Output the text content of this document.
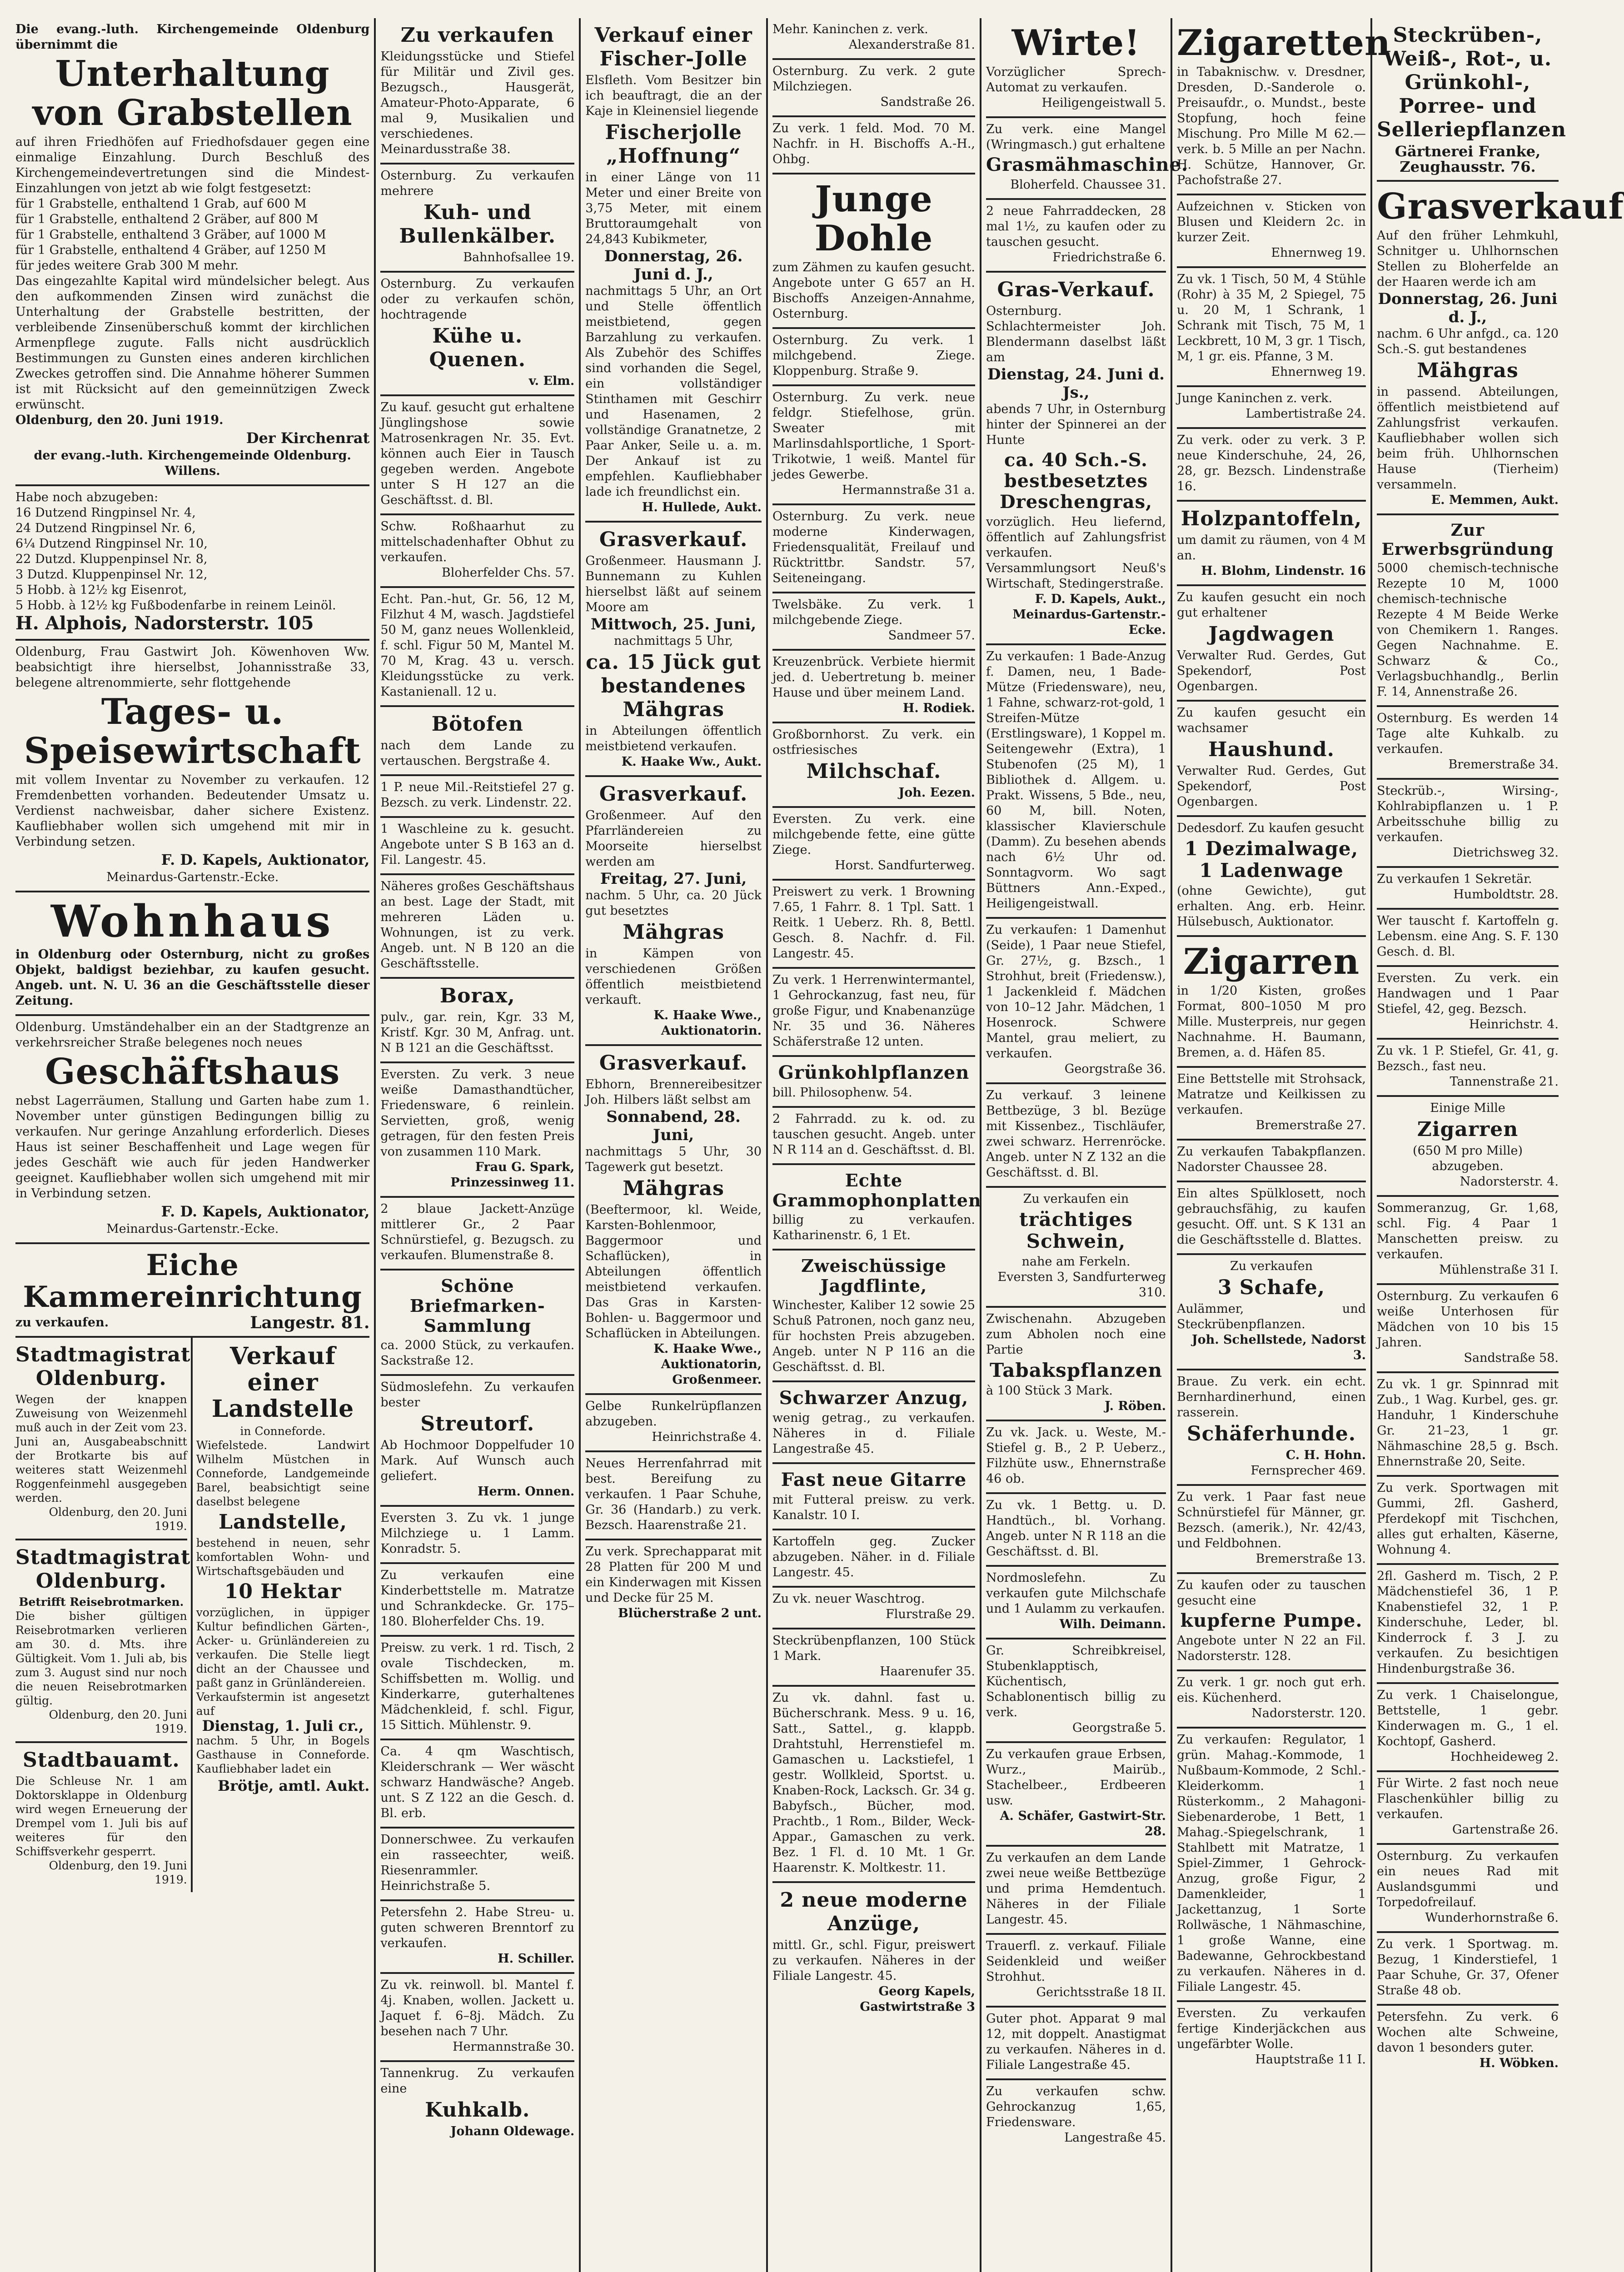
Die evang.-luth. Kirchengemeinde Oldenburg übernimmt die

Unterhaltung von Grabstellen

auf ihren Friedhöfen auf Friedhofsdauer gegen eine einmalige Einzahlung. Durch Beschluß des Kirchengemeindevertretungen sind die Mindest-Einzahlungen von jetzt ab wie folgt festgesetzt:

für 1 Grabstelle, enthaltend 1 Grab, auf 600 M

für 1 Grabstelle, enthaltend 2 Gräber, auf 800 M

für 1 Grabstelle, enthaltend 3 Gräber, auf 1000 M

für 1 Grabstelle, enthaltend 4 Gräber, auf 1250 M

für jedes weitere Grab 300 M mehr.

Das eingezahlte Kapital wird mündelsicher belegt. Aus den aufkommenden Zinsen wird zunächst die Unterhaltung der Grabstelle bestritten, der verbleibende Zinsenüberschuß kommt der kirchlichen Armenpflege zugute. Falls nicht ausdrücklich Bestimmungen zu Gunsten eines anderen kirchlichen Zweckes getroffen sind. Die Annahme höherer Summen ist mit Rücksicht auf den gemeinnützigen Zweck erwünscht.

Oldenburg, den 20. Juni 1919.

Der Kirchenrat

der evang.-luth. Kirchengemeinde Oldenburg.

Willens.

Habe noch abzugeben:

16 Dutzend Ringpinsel Nr. 4,

24 Dutzend Ringpinsel Nr. 6,

6¼ Dutzend Ringpinsel Nr. 10,

22 Dutzd. Kluppenpinsel Nr. 8,

3 Dutzd. Kluppenpinsel Nr. 12,

5 Hobb. à 12½ kg Eisenrot,

5 Hobb. à 12½ kg Fußbodenfarbe in reinem Leinöl.

H. Alphois, Nadorsterstr. 105

Oldenburg, Frau Gastwirt Joh. Köwenhoven Ww. beabsichtigt ihre hierselbst, Johannisstraße 33, belegene altrenommierte, sehr flottgehende

Tages- u. Speisewirtschaft

mit vollem Inventar zu November zu verkaufen. 12 Fremdenbetten vorhanden. Bedeutender Umsatz u. Verdienst nachweisbar, daher sichere Existenz. Kaufliebhaber wollen sich umgehend mit mir in Verbindung setzen.

F. D. Kapels, Auktionator,

Meinardus-Gartenstr.-Ecke.

Wohnhaus

in Oldenburg oder Osternburg, nicht zu großes Objekt, baldigst beziehbar, zu kaufen gesucht. Angeb. unt. N. U. 36 an die Geschäftsstelle dieser Zeitung.

Oldenburg. Umständehalber ein an der Stadtgrenze an verkehrsreicher Straße belegenes noch neues

Geschäftshaus

nebst Lagerräumen, Stallung und Garten habe zum 1. November unter günstigen Bedingungen billig zu verkaufen. Nur geringe Anzahlung erforderlich. Dieses Haus ist seiner Beschaffenheit und Lage wegen für jedes Geschäft wie auch für jeden Handwerker geeignet. Kaufliebhaber wollen sich umgehend mit mir in Verbindung setzen.

F. D. Kapels, Auktionator,

Meinardus-Gartenstr.-Ecke.

Eiche Kammereinrichtung
zu verkaufen.	Langestr. 81.
Stadtmagistrat Oldenburg.

Wegen der knappen Zuweisung von Weizenmehl muß auch in der Zeit vom 23. Juni an, Ausgabeabschnitt der Brotkarte bis auf weiteres statt Weizenmehl Roggenfeinmehl ausgegeben werden.

Oldenburg, den 20. Juni 1919.

Stadtmagistrat Oldenburg.

Betrifft Reisebrotmarken.

Die bisher gültigen Reisebrotmarken verlieren am 30. d. Mts. ihre Gültigkeit. Vom 1. Juli ab, bis zum 3. August sind nur noch die neuen Reisebrotmarken gültig.

Oldenburg, den 20. Juni 1919.

Stadtbauamt.

Die Schleuse Nr. 1 am Doktorsklappe in Oldenburg wird wegen Erneuerung der Drempel vom 1. Juli bis auf weiteres für den Schiffsverkehr gesperrt.

Oldenburg, den 19. Juni 1919.

Verkauf einer Landstelle

in Conneforde.

Wiefelstede. Landwirt Wilhelm Müstchen in Conneforde, Landgemeinde Barel, beabsichtigt seine daselbst belegene

Landstelle,

bestehend in neuen, sehr komfortablen Wohn- und Wirtschaftsgebäuden und

10 Hektar

vorzüglichen, in üppiger Kultur befindlichen Gärten-, Acker- u. Grünländereien zu verkaufen. Die Stelle liegt dicht an der Chaussee und paßt ganz in Grünländereien.

Verkaufstermin ist angesetzt auf

Dienstag, 1. Juli cr.,

nachm. 5 Uhr, in Bogels Gasthause in Conneforde. Kaufliebhaber ladet ein

Brötje, amtl. Aukt.
Zu verkaufen

Kleidungsstücke und Stiefel für Militär und Zivil ges. Bezugsch., Hausgerät, Amateur-Photo-Apparate, 6 mal 9, Musikalien und verschiedenes. Meinardusstraße 38.

Osternburg. Zu verkaufen mehrere

Kuh- und Bullenkälber.

Bahnhofsallee 19.

Osternburg. Zu verkaufen oder zu verkaufen schön, hochtragende

Kühe u. Quenen.

v. Elm.

Zu kauf. gesucht gut erhaltene Jünglingshose sowie Matrosenkragen Nr. 35. Evt. können auch Eier in Tausch gegeben werden. Angebote unter S H 127 an die Geschäftsst. d. Bl.

Schw. Roßhaarhut zu mittelschadenhafter Obhut zu verkaufen.

Bloherfelder Chs. 57.

Echt. Pan.-hut, Gr. 56, 12 M, Filzhut 4 M, wasch. Jagdstiefel 50 M, ganz neues Wollenkleid, f. schl. Figur 50 M, Mantel M. 70 M, Krag. 43 u. versch. Kleidungsstücke zu verk. Kastanienall. 12 u.

Bötofen

nach dem Lande zu vertauschen. Bergstraße 4.

1 P. neue Mil.-Reitstiefel 27 g. Bezsch. zu verk. Lindenstr. 22.

1 Waschleine zu k. gesucht. Angebote unter S B 163 an d. Fil. Langestr. 45.

Näheres großes Geschäftshaus an best. Lage der Stadt, mit mehreren Läden u. Wohnungen, ist zu verk. Angeb. unt. N B 120 an die Geschäftsstelle.

Borax,

pulv., gar. rein, Kgr. 33 M, Kristf. Kgr. 30 M, Anfrag. unt. N B 121 an die Geschäftsst.

Eversten. Zu verk. 3 neue weiße Damasthandtücher, Friedensware, 6 reinlein. Servietten, groß, wenig getragen, für den festen Preis von zusammen 110 Mark.

Frau G. Spark, Prinzessinweg 11.

2 blaue Jackett-Anzüge mittlerer Gr., 2 Paar Schnürstiefel, g. Bezugsch. zu verkaufen. Blumenstraße 8.

Schöne Briefmarken-Sammlung

ca. 2000 Stück, zu verkaufen. Sackstraße 12.

Südmoslefehn. Zu verkaufen bester

Streutorf.

Ab Hochmoor Doppelfuder 10 Mark. Auf Wunsch auch geliefert.

Herm. Onnen.

Eversten 3. Zu vk. 1 junge Milchziege u. 1 Lamm. Konradstr. 5.

Zu verkaufen eine Kinderbettstelle m. Matratze und Schrankdecke. Gr. 175–180. Bloherfelder Chs. 19.

Preisw. zu verk. 1 rd. Tisch, 2 ovale Tischdecken, m. Schiffsbetten m. Wollig. und Kinderkarre, guterhaltenes Mädchenkleid, f. schl. Figur, 15 Sittich. Mühlenstr. 9.

Ca. 4 qm Waschtisch, Kleiderschrank — Wer wäscht schwarz Handwäsche? Angeb. unt. S Z 122 an die Gesch. d. Bl. erb.

Donnerschwee. Zu verkaufen ein rasseechter, weiß. Riesenrammler. Heinrichstraße 5.

Petersfehn 2. Habe Streu- u. guten schweren Brenntorf zu verkaufen.

H. Schiller.

Zu vk. reinwoll. bl. Mantel f. 4j. Knaben, wollen. Jackett u. Jaquet f. 6–8j. Mädch. Zu besehen nach 7 Uhr.

Hermannstraße 30.

Tannenkrug. Zu verkaufen eine

Kuhkalb.

Johann Oldewage.

Verkauf einer Fischer-Jolle

Elsfleth. Vom Besitzer bin ich beauftragt, die an der Kaje in Kleinensiel liegende

Fischerjolle „Hoffnung“

in einer Länge von 11 Meter und einer Breite von 3,75 Meter, mit einem Bruttoraumgehalt von 24,843 Kubikmeter,

Donnerstag, 26. Juni d. J.,

nachmittags 5 Uhr, an Ort und Stelle öffentlich meistbietend, gegen Barzahlung zu verkaufen. Als Zubehör des Schiffes sind vorhanden die Segel, ein vollständiger Stinthamen mit Geschirr und Hasenamen, 2 vollständige Granatnetze, 2 Paar Anker, Seile u. a. m. Der Ankauf ist zu empfehlen. Kaufliebhaber lade ich freundlichst ein.

H. Hullede, Aukt.

Grasverkauf.

Großenmeer. Hausmann J. Bunnemann zu Kuhlen hierselbst läßt auf seinem Moore am

Mittwoch, 25. Juni,

nachmittags 5 Uhr,

ca. 15 Jück gut bestandenes Mähgras

in Abteilungen öffentlich meistbietend verkaufen.

K. Haake Ww., Aukt.

Grasverkauf.

Großenmeer. Auf den Pfarrländereien zu Moorseite hierselbst werden am

Freitag, 27. Juni,

nachm. 5 Uhr, ca. 20 Jück gut besetztes

Mähgras

in Kämpen von verschiedenen Größen öffentlich meistbietend verkauft.

K. Haake Wwe., Auktionatorin.

Grasverkauf.

Ebhorn, Brennereibesitzer Joh. Hilbers läßt selbst am

Sonnabend, 28. Juni,

nachmittags 5 Uhr, 30 Tagewerk gut besetzt.

Mähgras

(Beeftermoor, kl. Weide, Karsten-Bohlenmoor, Baggermoor und Schaflücken), in Abteilungen öffentlich meistbietend verkaufen. Das Gras in Karsten-Bohlen- u. Baggermoor und Schaflücken in Abteilungen.

K. Haake Wwe., Auktionatorin, Großenmeer.

Gelbe Runkelrüpflanzen abzugeben.

Heinrichstraße 4.

Neues Herrenfahrrad mit best. Bereifung zu verkaufen. 1 Paar Schuhe, Gr. 36 (Handarb.) zu verk. Bezsch. Haarenstraße 21.

Zu verk. Sprechapparat mit 28 Platten für 200 M und ein Kinderwagen mit Kissen und Decke für 25 M.

Blücherstraße 2 unt.

Mehr. Kaninchen z. verk.

Alexanderstraße 81.

Osternburg. Zu verk. 2 gute Milchziegen.

Sandstraße 26.

Zu verk. 1 feld. Mod. 70 M. Nachfr. in H. Bischoffs A.-H., Ohbg.

Junge Dohle

zum Zähmen zu kaufen gesucht. Angebote unter G 657 an H. Bischoffs Anzeigen-Annahme, Osternburg.

Osternburg. Zu verk. 1 milchgebend. Ziege. Kloppenburg. Straße 9.

Osternburg. Zu verk. neue feldgr. Stiefelhose, grün. Sweater mit Marlinsdahlsportliche, 1 Sport-Trikotwie, 1 weiß. Mantel für jedes Gewerbe.

Hermannstraße 31 a.

Osternburg. Zu verk. neue moderne Kinderwagen, Friedensqualität, Freilauf und Rücktrittbr. Sandstr. 57, Seiteneingang.

Twelsbäke. Zu verk. 1 milchgebende Ziege.

Sandmeer 57.

Kreuzenbrück. Verbiete hiermit jed. d. Uebertretung b. meiner Hause und über meinem Land.

H. Rodiek.

Großbornhorst. Zu verk. ein ostfriesisches

Milchschaf.

Joh. Eezen.

Eversten. Zu verk. eine milchgebende fette, eine gütte Ziege.

Horst. Sandfurterweg.

Preiswert zu verk. 1 Browning 7.65, 1 Fahrr. 8. 1 Tpl. Satt. 1 Reitk. 1 Ueberz. Rh. 8, Bettl. Gesch. 8. Nachfr. d. Fil. Langestr. 45.

Zu verk. 1 Herrenwintermantel, 1 Gehrockanzug, fast neu, für große Figur, und Knabenanzüge Nr. 35 und 36. Näheres Schäferstraße 12 unten.

Grünkohlpflanzen

bill. Philosophenw. 54.

2 Fahrradd. zu k. od. zu tauschen gesucht. Angeb. unter N R 114 an d. Geschäftsst. d. Bl.

Echte Grammophonplatten

billig zu verkaufen. Katharinenstr. 6, 1 Et.

Zweischüssige Jagdflinte,

Winchester, Kaliber 12 sowie 25 Schuß Patronen, noch ganz neu, für hochsten Preis abzugeben. Angeb. unter N P 116 an die Geschäftsst. d. Bl.

Schwarzer Anzug,

wenig getrag., zu verkaufen. Näheres in d. Filiale Langestraße 45.

Fast neue Gitarre

mit Futteral preisw. zu verk. Kanalstr. 10 I.

Kartoffeln geg. Zucker abzugeben. Näher. in d. Filiale Langestr. 45.

Zu vk. neuer Waschtrog.

Flurstraße 29.

Steckrübenpflanzen, 100 Stück 1 Mark.

Haarenufer 35.

Zu vk. dahnl. fast u. Bücherschrank. Mess. 9 u. 16, Satt., Sattel., g. klappb. Drahtstuhl, Herrenstiefel m. Gamaschen u. Lackstiefel, 1 gestr. Wollkleid, Sportst. u. Knaben-Rock, Lacksch. Gr. 34 g. Babyfsch., Bücher, mod. Prachtb., 1 Rom., Bilder, Weck-Appar., Gamaschen zu verk. Bez. 1 Fl. d. 10 Mt. 1 Gr. Haarenstr. K. Moltkestr. 11.

2 neue moderne Anzüge,

mittl. Gr., schl. Figur, preiswert zu verkaufen. Näheres in der Filiale Langestr. 45.

Georg Kapels, Gastwirtstraße 3

Wirte!

Vorzüglicher Sprech-Automat zu verkaufen.

Heiligengeistwall 5.

Zu verk. eine Mangel (Wringmasch.) gut erhaltene

Grasmähmaschine.

Bloherfeld. Chaussee 31.

2 neue Fahrraddecken, 28 mal 1½, zu kaufen oder zu tauschen gesucht.

Friedrichstraße 6.

Gras-Verkauf.

Osternburg. Schlachtermeister Joh. Blendermann daselbst läßt am

Dienstag, 24. Juni d. Js.,

abends 7 Uhr, in Osternburg hinter der Spinnerei an der Hunte

ca. 40 Sch.-S. bestbesetztes Dreschengras,

vorzüglich. Heu liefernd, öffentlich auf Zahlungsfrist verkaufen. Versammlungsort Neuß's Wirtschaft, Stedingerstraße.

F. D. Kapels, Aukt., Meinardus-Gartenstr.-Ecke.

Zu verkaufen: 1 Bade-Anzug f. Damen, neu, 1 Bade-Mütze (Friedensware), neu, 1 Fahne, schwarz-rot-gold, 1 Streifen-Mütze (Erstlingsware), 1 Koppel m. Seitengewehr (Extra), 1 Stubenofen (25 M), 1 Bibliothek d. Allgem. u. Prakt. Wissens, 5 Bde., neu, 60 M, bill. Noten, klassischer Klavierschule (Damm). Zu besehen abends nach 6½ Uhr od. Sonntagvorm. Wo sagt Büttners Ann.-Exped., Heiligengeistwall.

Zu verkaufen: 1 Damenhut (Seide), 1 Paar neue Stiefel, Gr. 27½, g. Bzsch., 1 Strohhut, breit (Friedensw.), 1 Jackenkleid f. Mädchen von 10–12 Jahr. Mädchen, 1 Hosenrock. Schwere Mantel, grau meliert, zu verkaufen.

Georgstraße 36.

Zu verkauf. 3 leinene Bettbezüge, 3 bl. Bezüge mit Kissenbez., Tischläufer, zwei schwarz. Herrenröcke. Angeb. unter N Z 132 an die Geschäftsst. d. Bl.

Zu verkaufen ein

trächtiges Schwein,

nahe am Ferkeln.

Eversten 3, Sandfurterweg 310.

Zwischenahn. Abzugeben zum Abholen noch eine Partie

Tabakspflanzen

à 100 Stück 3 Mark.

J. Röben.

Zu vk. Jack. u. Weste, M.-Stiefel g. B., 2 P. Ueberz., Filzhüte usw., Ehnernstraße 46 ob.

Zu vk. 1 Bettg. u. D. Handtüch., bl. Vorhang. Angeb. unter N R 118 an die Geschäftsst. d. Bl.

Nordmoslefehn. Zu verkaufen gute Milchschafe und 1 Aulamm zu verkaufen.

Wilh. Deimann.

Gr. Schreibkreisel, Stubenklapptisch, Küchentisch, Schablonentisch billig zu verk.

Georgstraße 5.

Zu verkaufen graue Erbsen, Wurz., Mairüb., Stachelbeer., Erdbeeren usw.

A. Schäfer, Gastwirt-Str. 28.

Zu verkaufen an dem Lande zwei neue weiße Bettbezüge und prima Hemdentuch. Näheres in der Filiale Langestr. 45.

Trauerfl. z. verkauf. Filiale Seidenkleid und weißer Strohhut.

Gerichtsstraße 18 II.

Guter phot. Apparat 9 mal 12, mit doppelt. Anastigmat zu verkaufen. Näheres in d. Filiale Langestraße 45.

Zu verkaufen schw. Gehrockanzug 1,65, Friedensware.

Langestraße 45.

Zigaretten

in Tabaknischw. v. Dresdner, Dresden, D.-Sanderole o. Preisaufdr., o. Mundst., beste Stopfung, hoch feine Mischung. Pro Mille M 62.— verk. b. 5 Mille an per Nachn. H. Schütze, Hannover, Gr. Pachofstraße 27.

Aufzeichnen v. Sticken von Blusen und Kleidern 2c. in kurzer Zeit.

Ehnernweg 19.

Zu vk. 1 Tisch, 50 M, 4 Stühle (Rohr) à 35 M, 2 Spiegel, 75 u. 20 M, 1 Schrank, 1 Schrank mit Tisch, 75 M, 1 Leckbrett, 10 M, 3 gr. 1 Tisch, M, 1 gr. eis. Pfanne, 3 M.

Ehnernweg 19.

Junge Kaninchen z. verk.

Lambertistraße 24.

Zu verk. oder zu verk. 3 P. neue Kinderschuhe, 24, 26, 28, gr. Bezsch. Lindenstraße 16.

Holzpantoffeln,

um damit zu räumen, von 4 M an.

H. Blohm, Lindenstr. 16

Zu kaufen gesucht ein noch gut erhaltener

Jagdwagen

Verwalter Rud. Gerdes, Gut Spekendorf, Post Ogenbargen.

Zu kaufen gesucht ein wachsamer

Haushund.

Verwalter Rud. Gerdes, Gut Spekendorf, Post Ogenbargen.

Dedesdorf. Zu kaufen gesucht

1 Dezimalwage, 1 Ladenwage

(ohne Gewichte), gut erhalten. Ang. erb. Heinr. Hülsebusch, Auktionator.

Zigarren

in 1/20 Kisten, großes Format, 800–1050 M pro Mille. Musterpreis, nur gegen Nachnahme. H. Baumann, Bremen, a. d. Häfen 85.

Eine Bettstelle mit Strohsack, Matratze und Keilkissen zu verkaufen.

Bremerstraße 27.

Zu verkaufen Tabakpflanzen. Nadorster Chaussee 28.

Ein altes Spülklosett, noch gebrauchsfähig, zu kaufen gesucht. Off. unt. S K 131 an die Geschäftsstelle d. Blattes.

Zu verkaufen

3 Schafe,

Aulämmer, und Steckrübenpflanzen.

Joh. Schellstede, Nadorst 3.

Braue. Zu verk. ein echt. Bernhardinerhund, einen rasserein.

Schäferhunde.

C. H. Hohn.

Fernsprecher 469.

Zu verk. 1 Paar fast neue Schnürstiefel für Männer, gr. Bezsch. (amerik.), Nr. 42/43, und Feldbohnen.

Bremerstraße 13.

Zu kaufen oder zu tauschen gesucht eine

kupferne Pumpe.

Angebote unter N 22 an Fil. Nadorsterstr. 128.

Zu verk. 1 gr. noch gut erh. eis. Küchenherd.

Nadorsterstr. 120.

Zu verkaufen: Regulator, 1 grün. Mahag.-Kommode, 1 Nußbaum-Kommode, 2 Schl.-Kleiderkomm. 1 Rüsterkomm., 2 Mahagoni-Siebenarderobe, 1 Bett, 1 Mahag.-Spiegelschrank, 1 Stahlbett mit Matratze, 1 Spiel-Zimmer, 1 Gehrock-Anzug, große Figur, 2 Damenkleider, 1 Jackettanzug, 1 Sorte Rollwäsche, 1 Nähmaschine, 1 große Wanne, eine Badewanne, Gehrockbestand zu verkaufen. Näheres in d. Filiale Langestr. 45.

Eversten. Zu verkaufen fertige Kinderjäckchen aus ungefärbter Wolle.

Hauptstraße 11 I.

Steckrüben-, Weiß-, Rot-, u. Grünkohl-, Porree- und Selleriepflanzen

Gärtnerei Franke, Zeughausstr. 76.

Grasverkauf

Auf den früher Lehmkuhl, Schnitger u. Uhlhornschen Stellen zu Bloherfelde an der Haaren werde ich am

Donnerstag, 26. Juni d. J.,

nachm. 6 Uhr anfgd., ca. 120 Sch.-S. gut bestandenes

Mähgras

in passend. Abteilungen, öffentlich meistbietend auf Zahlungsfrist verkaufen. Kaufliebhaber wollen sich beim früh. Uhlhornschen Hause (Tierheim) versammeln.

E. Memmen, Aukt.

Zur Erwerbsgründung

5000 chemisch-technische Rezepte 10 M, 1000 chemisch-technische Rezepte 4 M Beide Werke von Chemikern 1. Ranges. Gegen Nachnahme. E. Schwarz & Co., Verlagsbuchhandlg., Berlin F. 14, Annenstraße 26.

Osternburg. Es werden 14 Tage alte Kuhkalb. zu verkaufen.

Bremerstraße 34.

Steckrüb.-, Wirsing-, Kohlrabipflanzen u. 1 P. Arbeitsschuhe billig zu verkaufen.

Dietrichsweg 32.

Zu verkaufen 1 Sekretär.

Humboldtstr. 28.

Wer tauscht f. Kartoffeln g. Lebensm. eine Ang. S. F. 130 Gesch. d. Bl.

Eversten. Zu verk. ein Handwagen und 1 Paar Stiefel, 42, geg. Bezsch.

Heinrichstr. 4.

Zu vk. 1 P. Stiefel, Gr. 41, g. Bezsch., fast neu.

Tannenstraße 21.

Einige Mille

Zigarren

(650 M pro Mille) abzugeben.

Nadorsterstr. 4.

Sommeranzug, Gr. 1,68, schl. Fig. 4 Paar 1 Manschetten preisw. zu verkaufen.

Mühlenstraße 31 I.

Osternburg. Zu verkaufen 6 weiße Unterhosen für Mädchen von 10 bis 15 Jahren.

Sandstraße 58.

Zu vk. 1 gr. Spinnrad mit Zub., 1 Wag. Kurbel, ges. gr. Handuhr, 1 Kinderschuhe Gr. 21–23, 1 gr. Nähmaschine 28,5 g. Bsch. Ehnernstraße 20, Seite.

Zu verk. Sportwagen mit Gummi, 2fl. Gasherd, Pferdekopf mit Tischchen, alles gut erhalten, Käserne, Wohnung 4.

2fl. Gasherd m. Tisch, 2 P. Mädchenstiefel 36, 1 P. Knabenstiefel 32, 1 P. Kinderschuhe, Leder, bl. Kinderrock f. 3 J. zu verkaufen. Zu besichtigen Hindenburgstraße 36.

Zu verk. 1 Chaiselongue, Bettstelle, 1 gebr. Kinderwagen m. G., 1 el. Kochtopf, Gasherd.

Hochheideweg 2.

Für Wirte. 2 fast noch neue Flaschenkühler billig zu verkaufen.

Gartenstraße 26.

Osternburg. Zu verkaufen ein neues Rad mit Auslandsgummi und Torpedofreilauf.

Wunderhornstraße 6.

Zu verk. 1 Sportwag. m. Bezug, 1 Kinderstiefel, 1 Paar Schuhe, Gr. 37, Ofener Straße 48 ob.

Petersfehn. Zu verk. 6 Wochen alte Schweine, davon 1 besonders guter.

H. Wöbken.
